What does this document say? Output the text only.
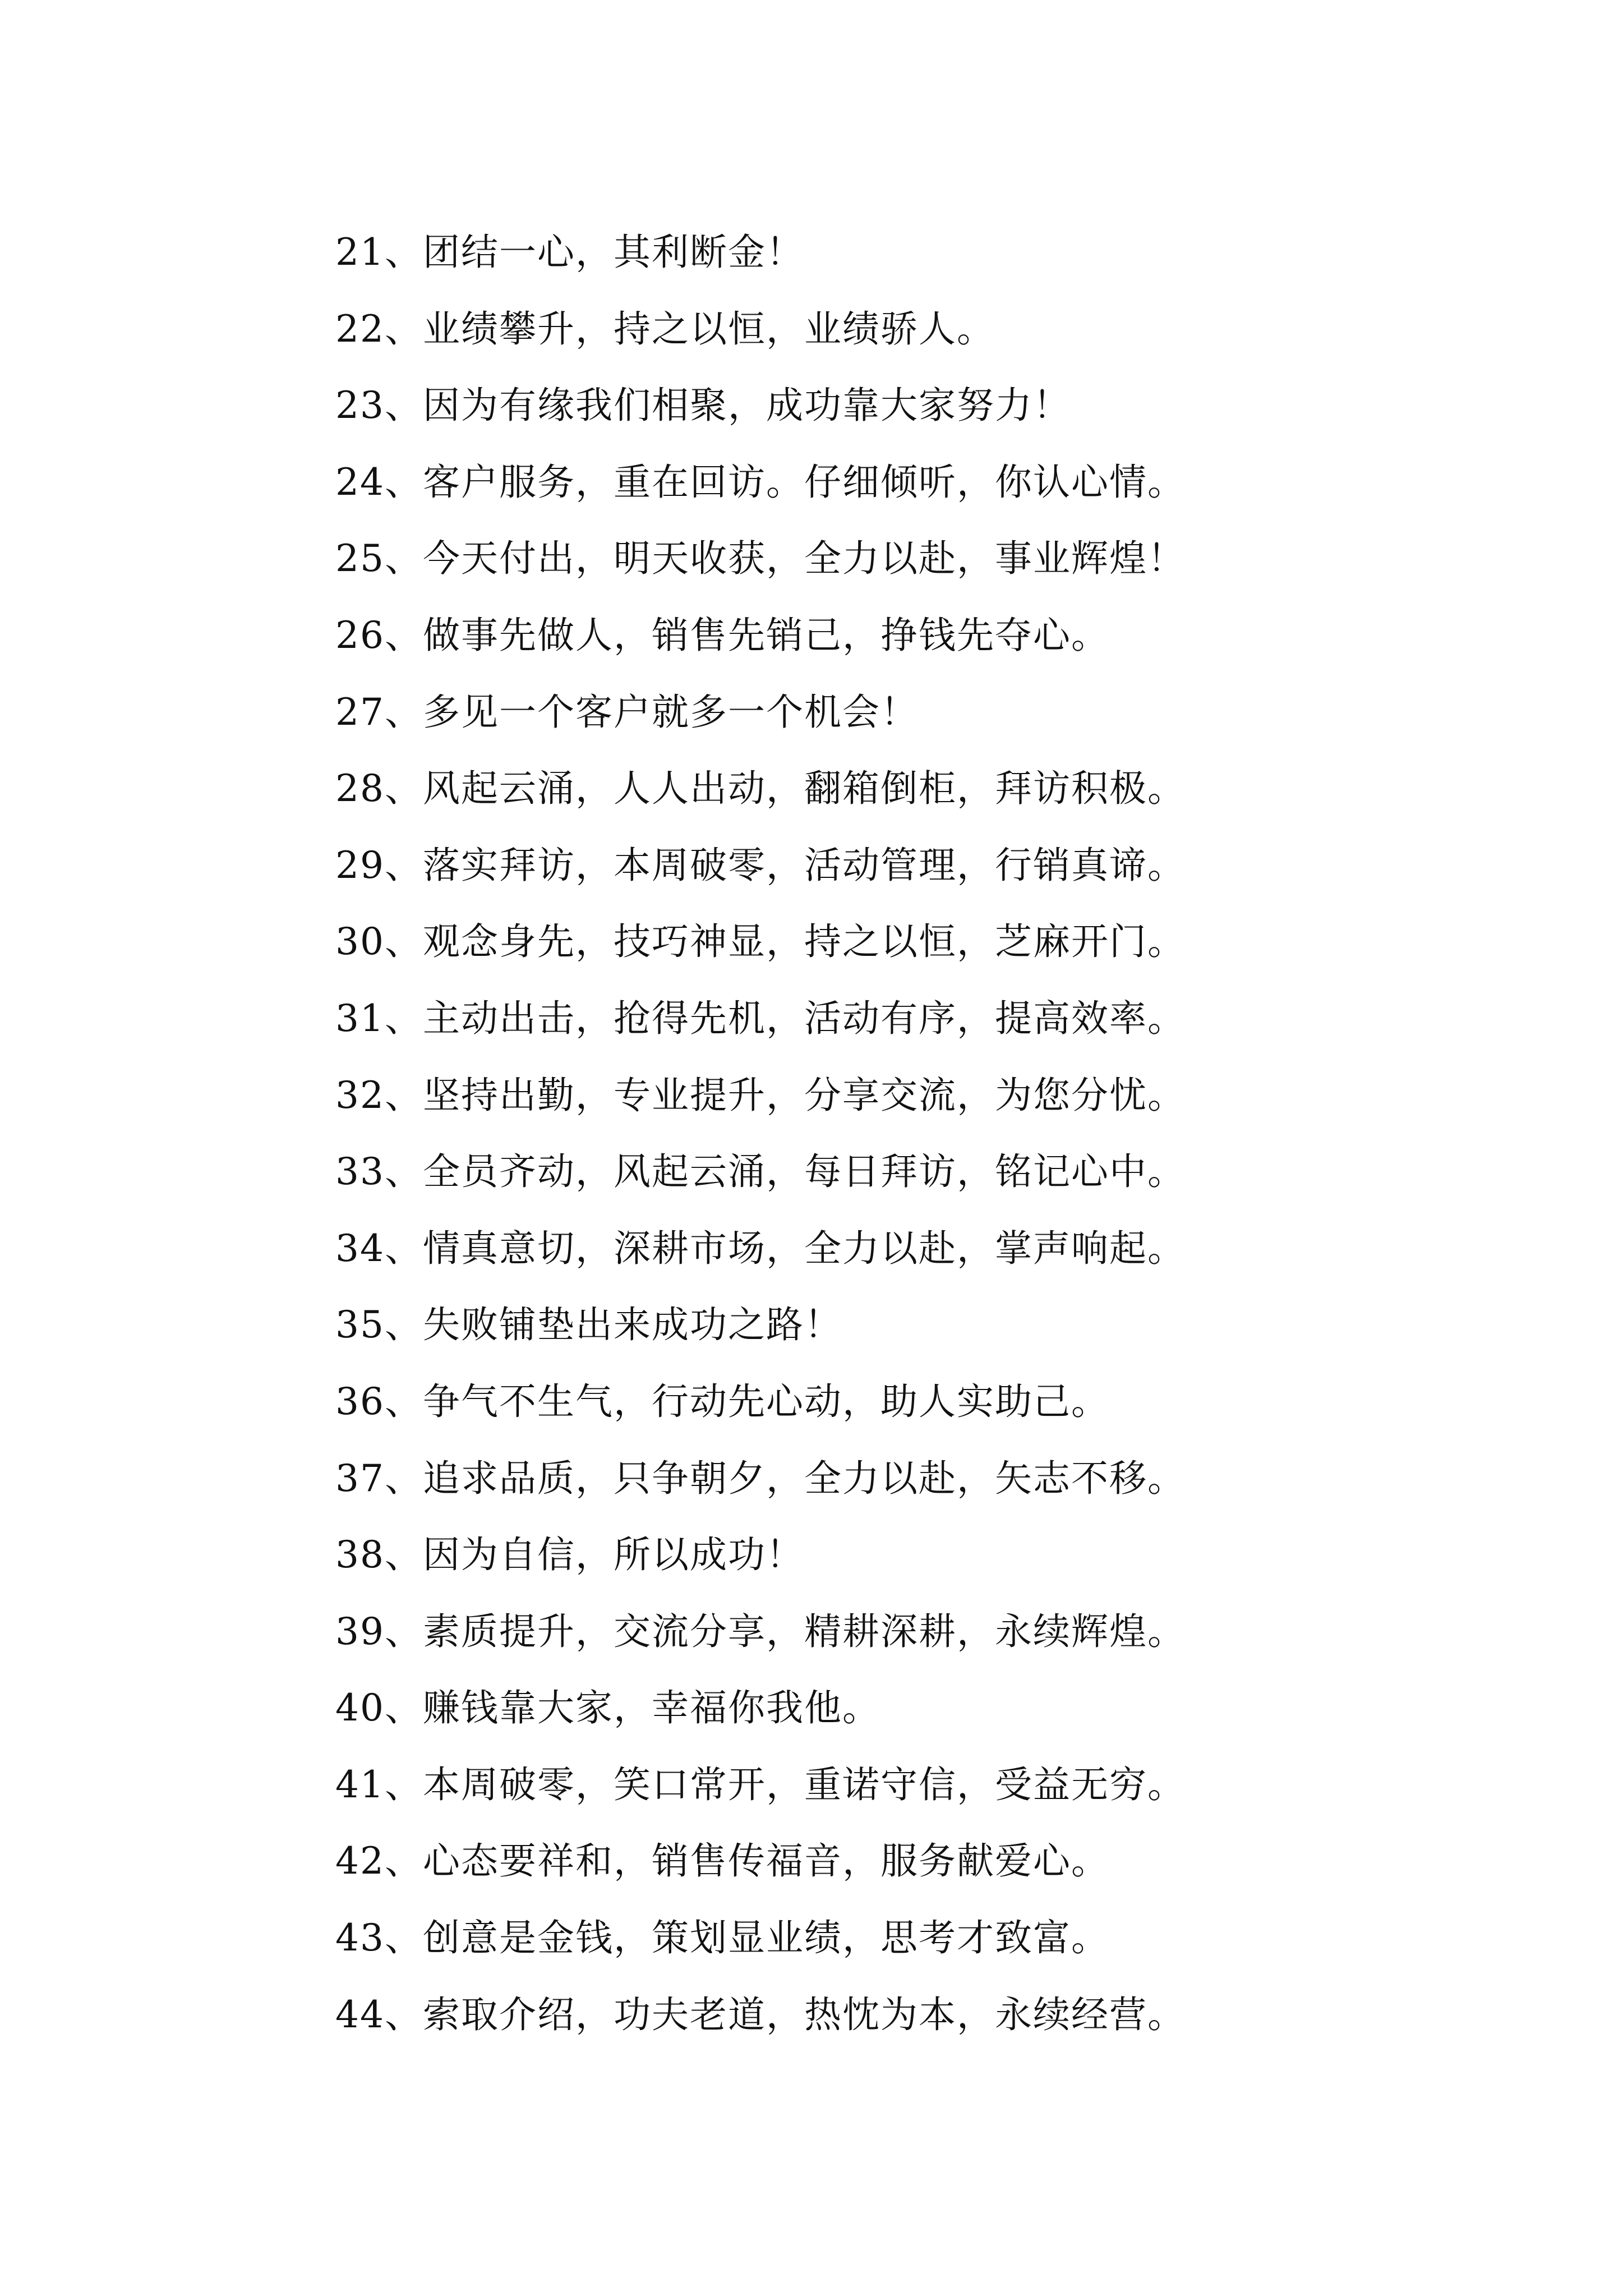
21、团结一心，其利断金！
22、业绩攀升，持之以恒，业绩骄人。
23、因为有缘我们相聚，成功靠大家努力！
24、客户服务，重在回访。仔细倾听，你认心情。
25、今天付出，明天收获，全力以赴，事业辉煌！
26、做事先做人，销售先销己，挣钱先夺心。
27、多见一个客户就多一个机会！
28、风起云涌，人人出动，翻箱倒柜，拜访积极。
29、落实拜访，本周破零，活动管理，行销真谛。
30、观念身先，技巧神显，持之以恒，芝麻开门。
31、主动出击，抢得先机，活动有序，提高效率。
32、坚持出勤，专业提升，分享交流，为您分忧。
33、全员齐动，风起云涌，每日拜访，铭记心中。
34、情真意切，深耕市场，全力以赴，掌声响起。
35、失败铺垫出来成功之路！
36、争气不生气，行动先心动，助人实助己。
37、追求品质，只争朝夕，全力以赴，矢志不移。
38、因为自信，所以成功！
39、素质提升，交流分享，精耕深耕，永续辉煌。
40、赚钱靠大家，幸福你我他。
41、本周破零，笑口常开，重诺守信，受益无穷。
42、心态要祥和，销售传福音，服务献爱心。
43、创意是金钱，策划显业绩，思考才致富。
44、索取介绍，功夫老道，热忱为本，永续经营。
